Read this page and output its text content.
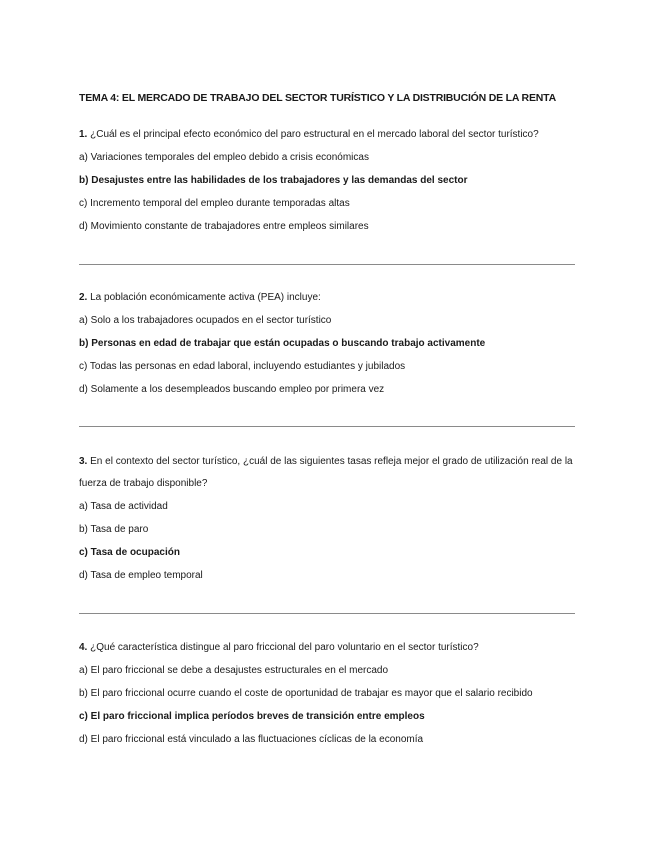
TEMA 4: EL MERCADO DE TRABAJO DEL SECTOR TURÍSTICO Y LA DISTRIBUCIÓN DE LA RENTA

1. ¿Cuál es el principal efecto económico del paro estructural en el mercado laboral del sector turístico?

a) Variaciones temporales del empleo debido a crisis económicas
b) Desajustes entre las habilidades de los trabajadores y las demandas del sector
c) Incremento temporal del empleo durante temporadas altas
d) Movimiento constante de trabajadores entre empleos similares

2. La población económicamente activa (PEA) incluye:

a) Solo a los trabajadores ocupados en el sector turístico
b) Personas en edad de trabajar que están ocupadas o buscando trabajo activamente
c) Todas las personas en edad laboral, incluyendo estudiantes y jubilados
d) Solamente a los desempleados buscando empleo por primera vez

3. En el contexto del sector turístico, ¿cuál de las siguientes tasas refleja mejor el grado de utilización real de la fuerza de trabajo disponible?

a) Tasa de actividad
b) Tasa de paro
c) Tasa de ocupación
d) Tasa de empleo temporal

4. ¿Qué característica distingue al paro friccional del paro voluntario en el sector turístico?

a) El paro friccional se debe a desajustes estructurales en el mercado
b) El paro friccional ocurre cuando el coste de oportunidad de trabajar es mayor que el salario recibido
c) El paro friccional implica períodos breves de transición entre empleos
d) El paro friccional está vinculado a las fluctuaciones cíclicas de la economía
